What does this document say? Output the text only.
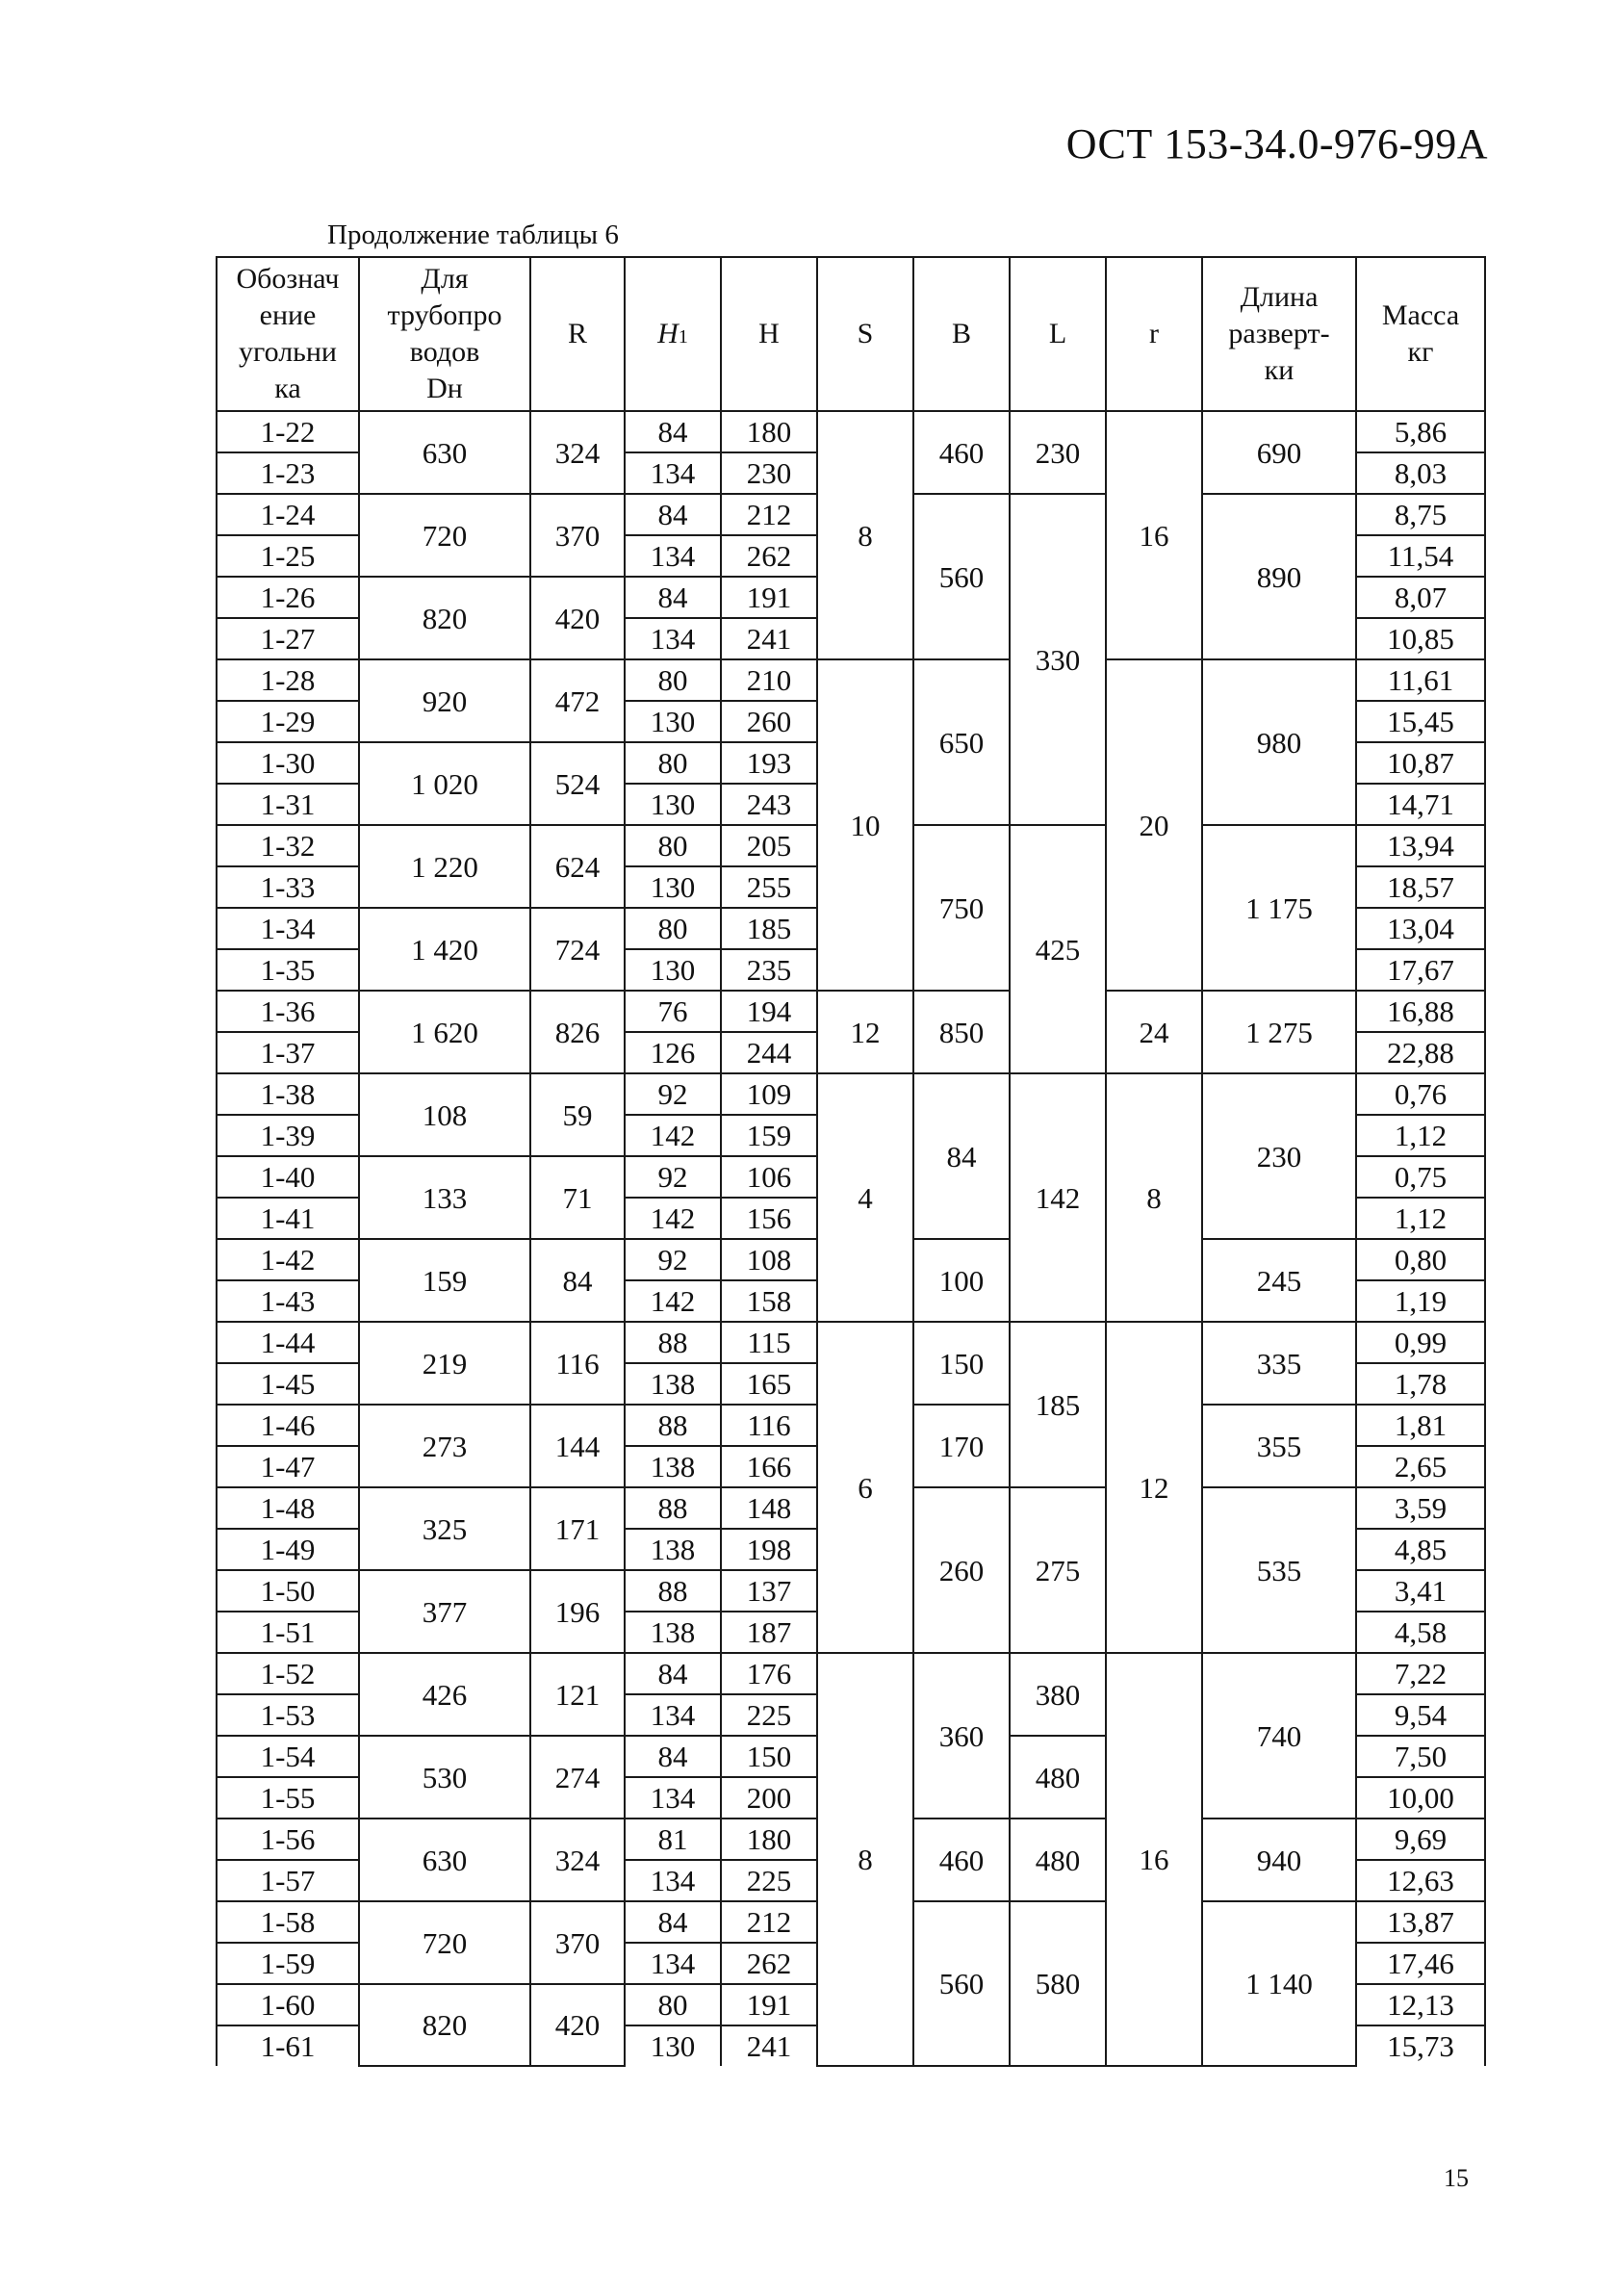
ОСТ 153-34.0-976-99А
Продолжение таблицы 6
Обознач
ение
угольни
ка	Для
трубопро
водов
Dн	R	H1	H	S	B	L	r	Длина
разверт-
ки	Масса
кг
1-22	630	324	84	180	8	460	230	16	690	5,86
1-23			134	230						8,03
1-24	720	370	84	212		560	330		890	8,75
1-25			134	262						11,54
1-26	820	420	84	191						8,07
1-27			134	241						10,85
1-28	920	472	80	210	10	650		20	980	11,61
1-29			130	260						15,45
1-30	1 020	524	80	193						10,87
1-31			130	243						14,71
1-32	1 220	624	80	205		750	425		1 175	13,94
1-33			130	255						18,57
1-34	1 420	724	80	185						13,04
1-35			130	235						17,67
1-36	1 620	826	76	194	12	850		24	1 275	16,88
1-37			126	244						22,88
1-38	108	59	92	109	4	84	142	8	230	0,76
1-39			142	159						1,12
1-40	133	71	92	106						0,75
1-41			142	156						1,12
1-42	159	84	92	108		100			245	0,80
1-43			142	158						1,19
1-44	219	116	88	115	6	150	185	12	335	0,99
1-45			138	165						1,78
1-46	273	144	88	116		170			355	1,81
1-47			138	166						2,65
1-48	325	171	88	148		260	275		535	3,59
1-49			138	198						4,85
1-50	377	196	88	137						3,41
1-51			138	187						4,58
1-52	426	121	84	176	8	360	380	16	740	7,22
1-53			134	225						9,54
1-54	530	274	84	150			480			7,50
1-55			134	200						10,00
1-56	630	324	81	180		460	480		940	9,69
1-57			134	225						12,63
1-58	720	370	84	212		560	580		1 140	13,87
1-59			134	262						17,46
1-60	820	420	80	191						12,13
1-61			130	241						15,73
15
